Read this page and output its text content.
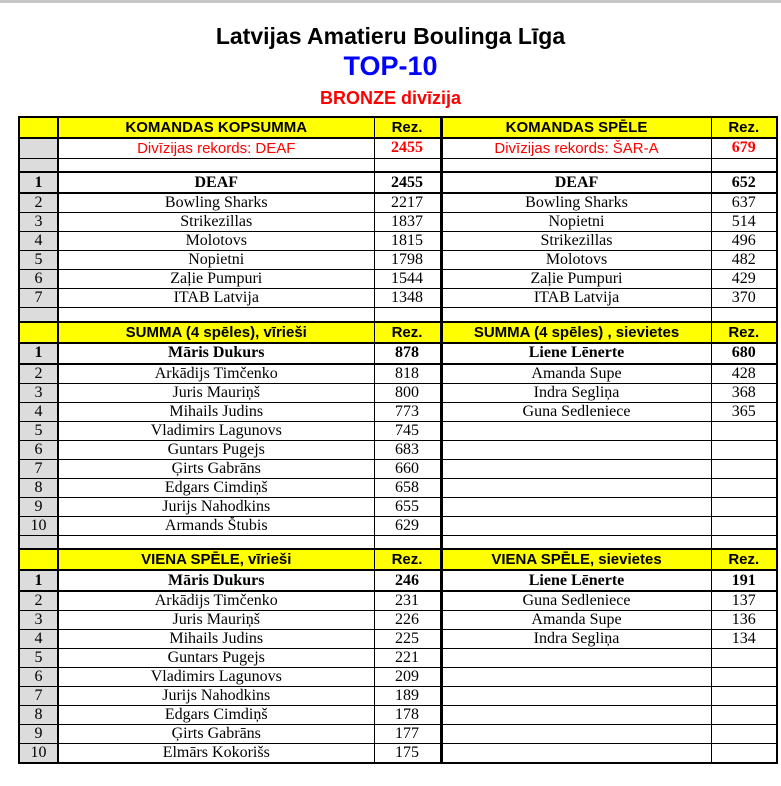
Latvijas Amatieru Boulinga Līga
TOP-10
BRONZE divīzija
	KOMANDAS KOPSUMMA	Rez.	KOMANDAS SPĒLE	Rez.
	Divīzijas rekords: DEAF	2455	Divīzijas rekords: ŠAR-A	679

1	DEAF	2455	DEAF	652
2	Bowling Sharks	2217	Bowling Sharks	637
3	Strikezillas	1837	Nopietni	514
4	Molotovs	1815	Strikezillas	496
5	Nopietni	1798	Molotovs	482
6	Zaļie Pumpuri	1544	Zaļie Pumpuri	429
7	ITAB Latvija	1348	ITAB Latvija	370

	SUMMA (4 spēles), vīrieši	Rez.	SUMMA (4 spēles) , sievietes	Rez.
1	Māris Dukurs	878	Liene Lēnerte	680
2	Arkādijs Timčenko	818	Amanda Supe	428
3	Juris Mauriņš	800	Indra Segliņa	368
4	Mihails Judins	773	Guna Sedleniece	365
5	Vladimirs Lagunovs	745		
6	Guntars Pugejs	683		
7	Ģirts Gabrāns	660		
8	Edgars Cimdiņš	658		
9	Jurijs Nahodkins	655		
10	Armands Štubis	629		

	VIENA SPĒLE, vīrieši	Rez.	VIENA SPĒLE, sievietes	Rez.
1	Māris Dukurs	246	Liene Lēnerte	191
2	Arkādijs Timčenko	231	Guna Sedleniece	137
3	Juris Mauriņš	226	Amanda Supe	136
4	Mihails Judins	225	Indra Segliņa	134
5	Guntars Pugejs	221		
6	Vladimirs Lagunovs	209		
7	Jurijs Nahodkins	189		
8	Edgars Cimdiņš	178		
9	Ģirts Gabrāns	177		
10	Elmārs Kokorišs	175		
